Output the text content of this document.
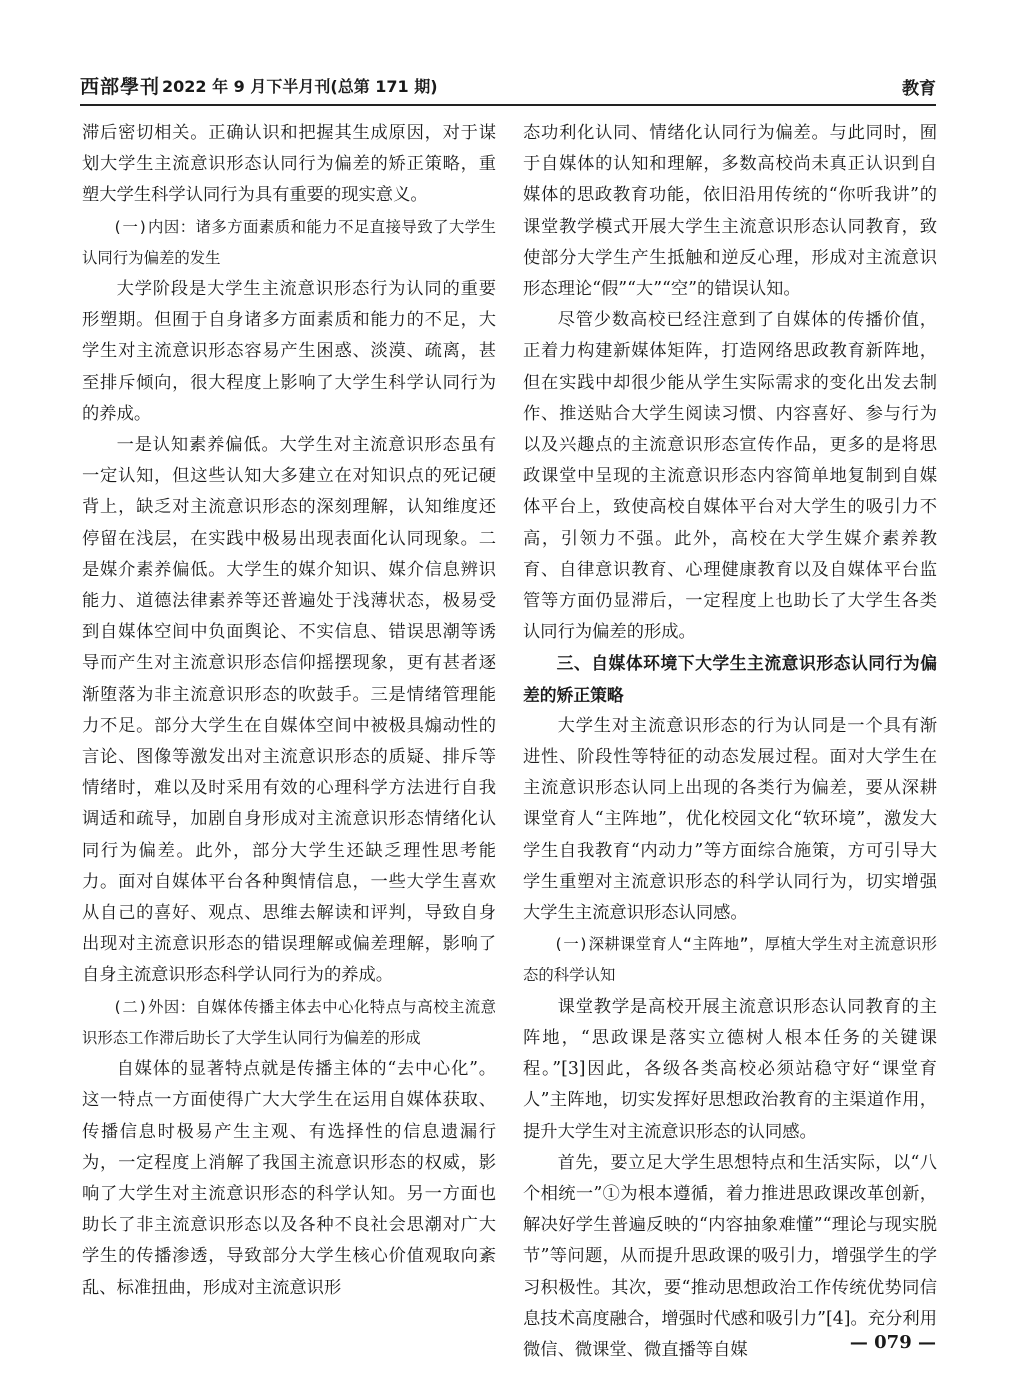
西部學刊 2022 年 9 月下半月刊(总第 171 期)	教育

滞后密切相关。正确认识和把握其生成原因，对于谋划大学生主流意识形态认同行为偏差的矫正策略，重塑大学生科学认同行为具有重要的现实意义。

(一)内因：诸多方面素质和能力不足直接导致了大学生认同行为偏差的发生

大学阶段是大学生主流意识形态行为认同的重要形塑期。但囿于自身诸多方面素质和能力的不足，大学生对主流意识形态容易产生困惑、淡漠、疏离，甚至排斥倾向，很大程度上影响了大学生科学认同行为的养成。

一是认知素养偏低。大学生对主流意识形态虽有一定认知，但这些认知大多建立在对知识点的死记硬背上，缺乏对主流意识形态的深刻理解，认知维度还停留在浅层，在实践中极易出现表面化认同现象。二是媒介素养偏低。大学生的媒介知识、媒介信息辨识能力、道德法律素养等还普遍处于浅薄状态，极易受到自媒体空间中负面舆论、不实信息、错误思潮等诱导而产生对主流意识形态信仰摇摆现象，更有甚者逐渐堕落为非主流意识形态的吹鼓手。三是情绪管理能力不足。部分大学生在自媒体空间中被极具煽动性的言论、图像等激发出对主流意识形态的质疑、排斥等情绪时，难以及时采用有效的心理科学方法进行自我调适和疏导，加剧自身形成对主流意识形态情绪化认同行为偏差。此外，部分大学生还缺乏理性思考能力。面对自媒体平台各种舆情信息，一些大学生喜欢从自己的喜好、观点、思维去解读和评判，导致自身出现对主流意识形态的错误理解或偏差理解，影响了自身主流意识形态科学认同行为的养成。

(二)外因：自媒体传播主体去中心化特点与高校主流意识形态工作滞后助长了大学生认同行为偏差的形成

自媒体的显著特点就是传播主体的“去中心化”。这一特点一方面使得广大大学生在运用自媒体获取、传播信息时极易产生主观、有选择性的信息遗漏行为，一定程度上消解了我国主流意识形态的权威，影响了大学生对主流意识形态的科学认知。另一方面也助长了非主流意识形态以及各种不良社会思潮对广大学生的传播渗透，导致部分大学生核心价值观取向紊乱、标准扭曲，形成对主流意识形

态功利化认同、情绪化认同行为偏差。与此同时，囿于自媒体的认知和理解，多数高校尚未真正认识到自媒体的思政教育功能，依旧沿用传统的“你听我讲”的课堂教学模式开展大学生主流意识形态认同教育，致使部分大学生产生抵触和逆反心理，形成对主流意识形态理论“假”“大”“空”的错误认知。

尽管少数高校已经注意到了自媒体的传播价值，正着力构建新媒体矩阵，打造网络思政教育新阵地，但在实践中却很少能从学生实际需求的变化出发去制作、推送贴合大学生阅读习惯、内容喜好、参与行为以及兴趣点的主流意识形态宣传作品，更多的是将思政课堂中呈现的主流意识形态内容简单地复制到自媒体平台上，致使高校自媒体平台对大学生的吸引力不高，引领力不强。此外，高校在大学生媒介素养教育、自律意识教育、心理健康教育以及自媒体平台监管等方面仍显滞后，一定程度上也助长了大学生各类认同行为偏差的形成。

三、自媒体环境下大学生主流意识形态认同行为偏差的矫正策略

大学生对主流意识形态的行为认同是一个具有渐进性、阶段性等特征的动态发展过程。面对大学生在主流意识形态认同上出现的各类行为偏差，要从深耕课堂育人“主阵地”，优化校园文化“软环境”，激发大学生自我教育“内动力”等方面综合施策，方可引导大学生重塑对主流意识形态的科学认同行为，切实增强大学生主流意识形态认同感。

(一)深耕课堂育人“主阵地”，厚植大学生对主流意识形态的科学认知

课堂教学是高校开展主流意识形态认同教育的主阵地，“思政课是落实立德树人根本任务的关键课程。”[3]因此，各级各类高校必须站稳守好“课堂育人”主阵地，切实发挥好思想政治教育的主渠道作用，提升大学生对主流意识形态的认同感。

首先，要立足大学生思想特点和生活实际，以“八个相统一”①为根本遵循，着力推进思政课改革创新，解决好学生普遍反映的“内容抽象难懂”“理论与现实脱节”等问题，从而提升思政课的吸引力，增强学生的学习积极性。其次，要“推动思想政治工作传统优势同信息技术高度融合，增强时代感和吸引力”[4]。充分利用微信、微课堂、微直播等自媒	— 079 —
